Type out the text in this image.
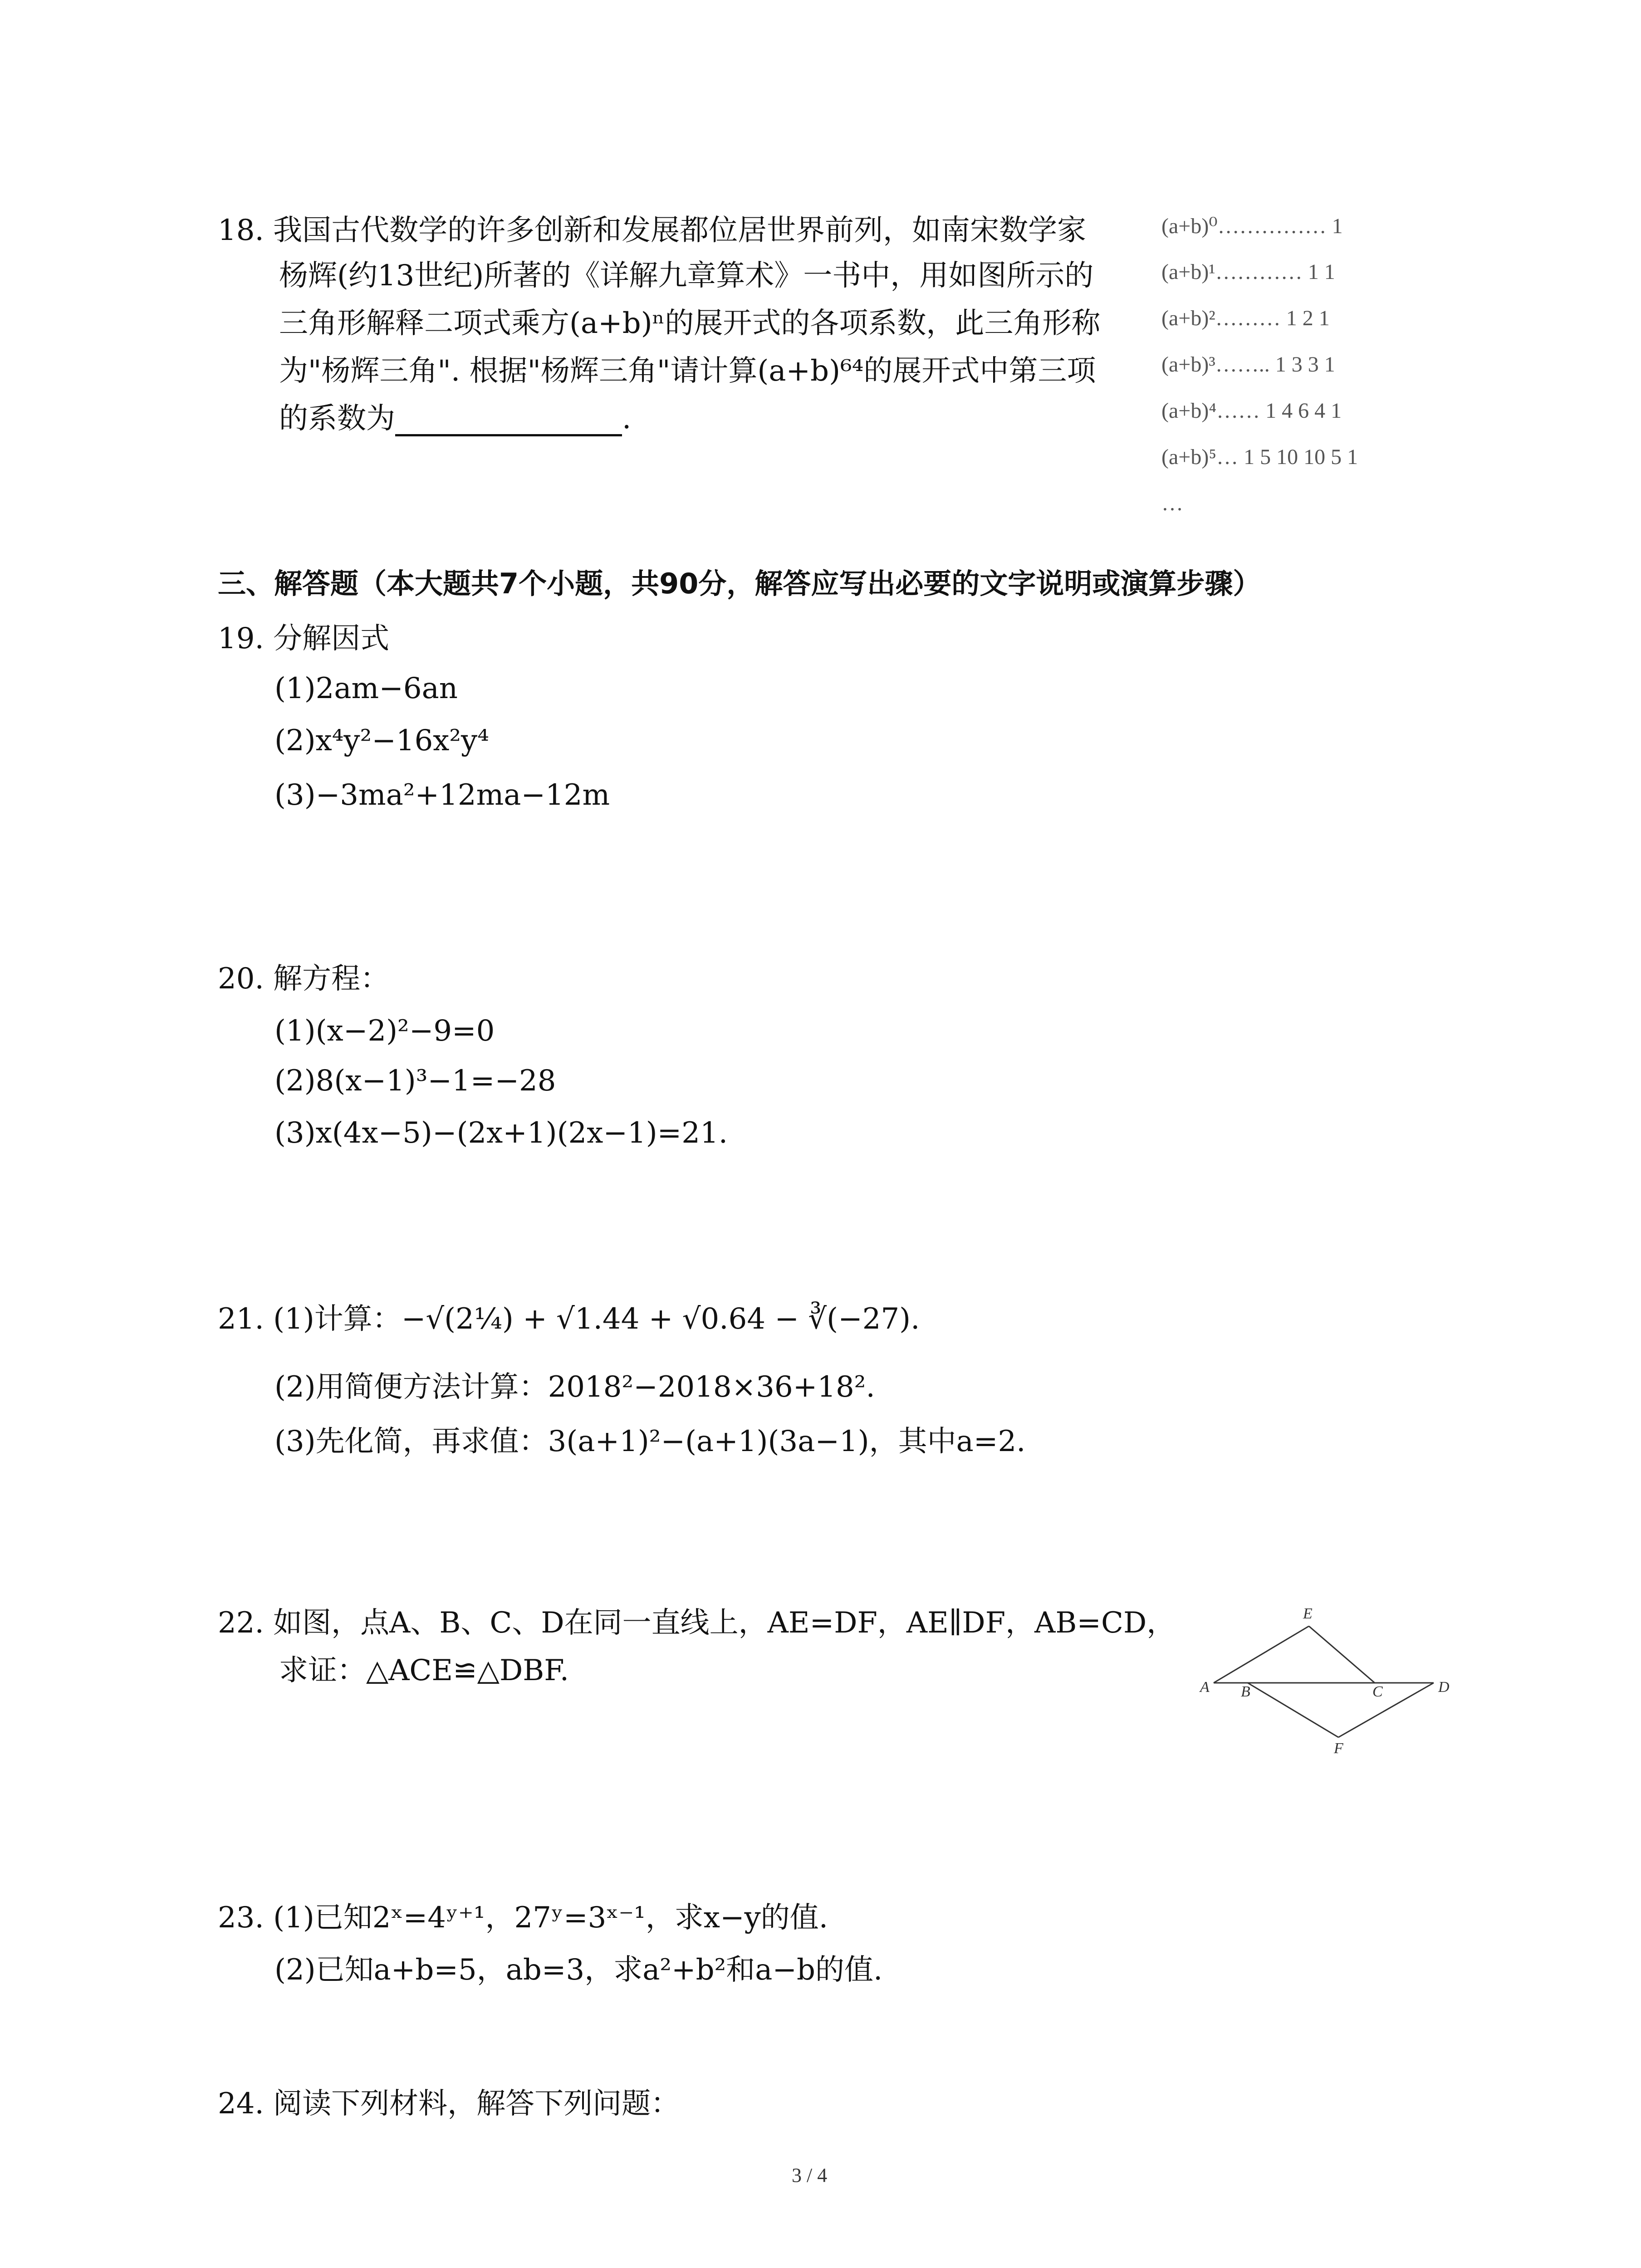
18. 我国古代数学的许多创新和发展都位居世界前列，如南宋数学家
杨辉(约13世纪)所著的《详解九章算术》一书中，用如图所示的
三角形解释二项式乘方(a+b)ⁿ的展开式的各项系数，此三角形称
为"杨辉三角". 根据"杨辉三角"请计算(a+b)⁶⁴的展开式中第三项
的系数为	.
(a+b)⁰…………… 1
(a+b)¹………… 1 1
(a+b)²……… 1 2 1
(a+b)³…….. 1 3 3 1
(a+b)⁴…… 1 4 6 4 1
(a+b)⁵… 1 5 10 10 5 1
…
三、解答题（本大题共7个小题，共90分，解答应写出必要的文字说明或演算步骤）
19. 分解因式
(1)2am−6an
(2)x⁴y²−16x²y⁴
(3)−3ma²+12ma−12m
20. 解方程：
(1)(x−2)²−9=0
(2)8(x−1)³−1=−28
(3)x(4x−5)−(2x+1)(2x−1)=21.
21. (1)计算：−√(2¼) + √1.44 + √0.64 − ∛(−27).
(2)用简便方法计算：2018²−2018×36+18².
(3)先化简，再求值：3(a+1)²−(a+1)(3a−1)，其中a=2.
22. 如图，点A、B、C、D在同一直线上，AE=DF，AE∥DF，AB=CD，
求证：△ACE≌△DBF.	A B	C	D
E
F
23. (1)已知2ˣ=4ʸ⁺¹，27ʸ=3ˣ⁻¹，求x−y的值.
(2)已知a+b=5，ab=3，求a²+b²和a−b的值.
24. 阅读下列材料，解答下列问题：
3 / 4
